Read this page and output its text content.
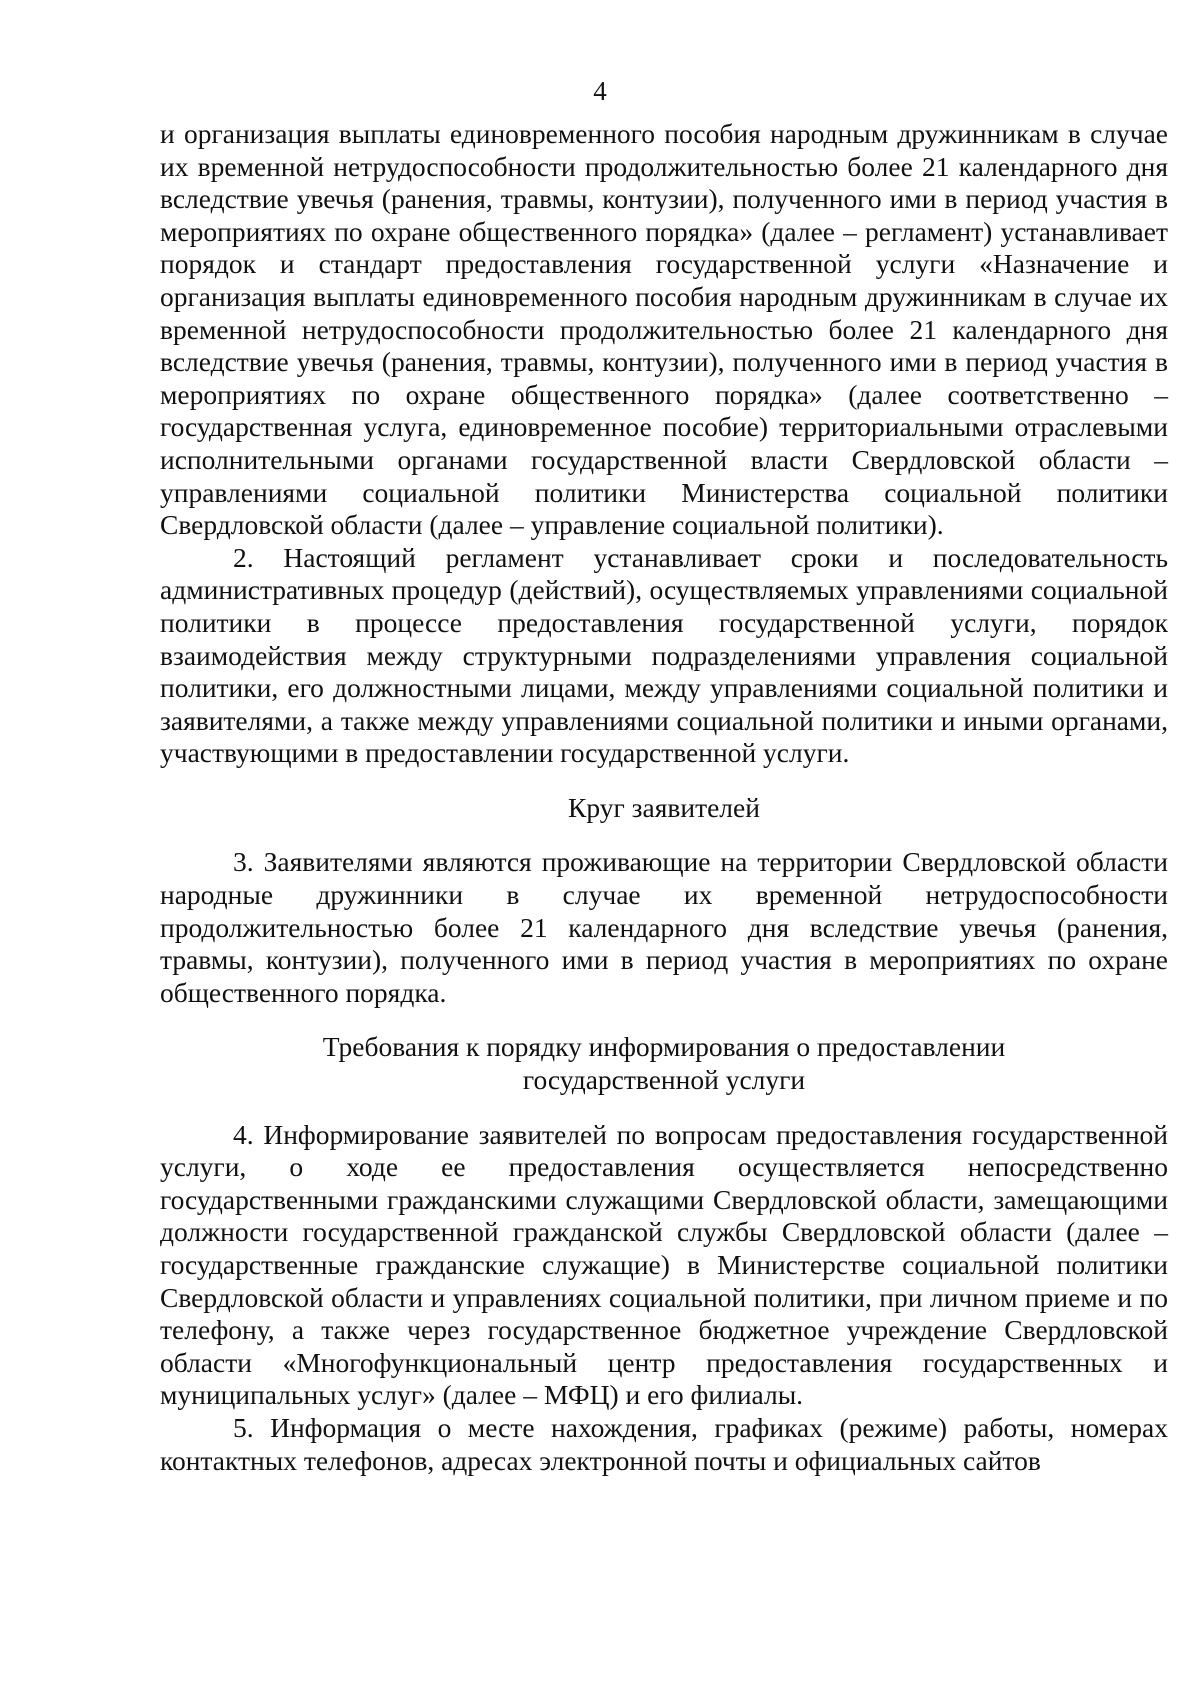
4

и организация выплаты единовременного пособия народным дружинникам в случае их временной нетрудоспособности продолжительностью более 21 календарного дня вследствие увечья (ранения, травмы, контузии), полученного ими в период участия в мероприятиях по охране общественного порядка» (далее – регламент) устанавливает порядок и стандарт предоставления государственной услуги «Назначение и организация выплаты единовременного пособия народным дружинникам в случае их временной нетрудоспособности продолжительностью более 21 календарного дня вследствие увечья (ранения, травмы, контузии), полученного ими в период участия в мероприятиях по охране общественного порядка» (далее соответственно – государственная услуга, единовременное пособие) территориальными отраслевыми исполнительными органами государственной власти Свердловской области – управлениями социальной политики Министерства социальной политики Свердловской области (далее – управление социальной политики).

2. Настоящий регламент устанавливает сроки и последовательность административных процедур (действий), осуществляемых управлениями социальной политики в процессе предоставления государственной услуги, порядок взаимодействия между структурными подразделениями управления социальной политики, его должностными лицами, между управлениями социальной политики и заявителями, а также между управлениями социальной политики и иными органами, участвующими в предоставлении государственной услуги.

Круг заявителей

3. Заявителями являются проживающие на территории Свердловской области народные дружинники в случае их временной нетрудоспособности продолжительностью более 21 календарного дня вследствие увечья (ранения, травмы, контузии), полученного ими в период участия в мероприятиях по охране общественного порядка.

Требования к порядку информирования о предоставлении
государственной услуги

4. Информирование заявителей по вопросам предоставления государственной услуги, о ходе ее предоставления осуществляется непосредственно государственными гражданскими служащими Свердловской области, замещающими должности государственной гражданской службы Свердловской области (далее – государственные гражданские служащие) в Министерстве социальной политики Свердловской области и управлениях социальной политики, при личном приеме и по телефону, а также через государственное бюджетное учреждение Свердловской области «Многофункциональный центр предоставления государственных и муниципальных услуг» (далее – МФЦ) и его филиалы.

5. Информация о месте нахождения, графиках (режиме) работы, номерах контактных телефонов, адресах электронной почты и официальных сайтов
